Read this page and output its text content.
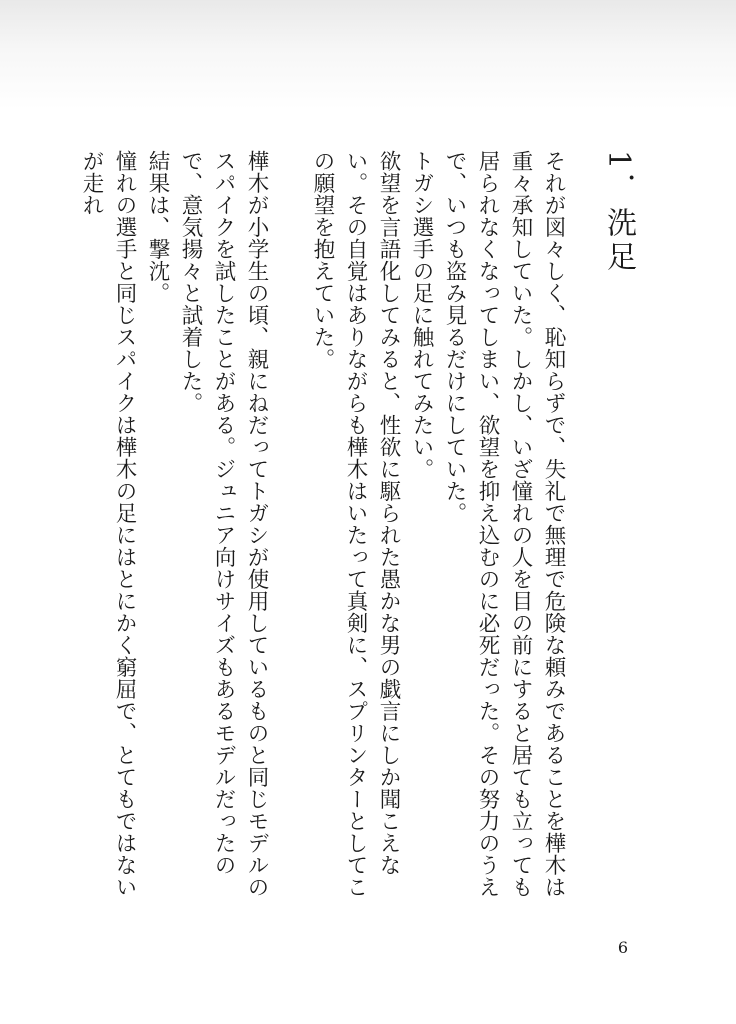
1．洗足

それが図々しく、恥知らずで、失礼で無理で危険な頼みであることを樺木は重々承知していた。しかし、いざ憧れの人を目の前にすると居ても立っても居られなくなってしまい、欲望を抑え込むのに必死だった。その努力のうえで、いつも盗み見るだけにしていた。

トガシ選手の足に触れてみたい。

欲望を言語化してみると、性欲に駆られた愚かな男の戯言にしか聞こえない。その自覚はありながらも樺木はいたって真剣に、スプリンターとしてこの願望を抱えていた。

樺木が小学生の頃、親にねだってトガシが使用しているものと同じモデルのスパイクを試したことがある。ジュニア向けサイズもあるモデルだったので、意気揚々と試着した。

結果は、撃沈。

憧れの選手と同じスパイクは樺木の足にはとにかく窮屈で、とてもではないが走れ

6
